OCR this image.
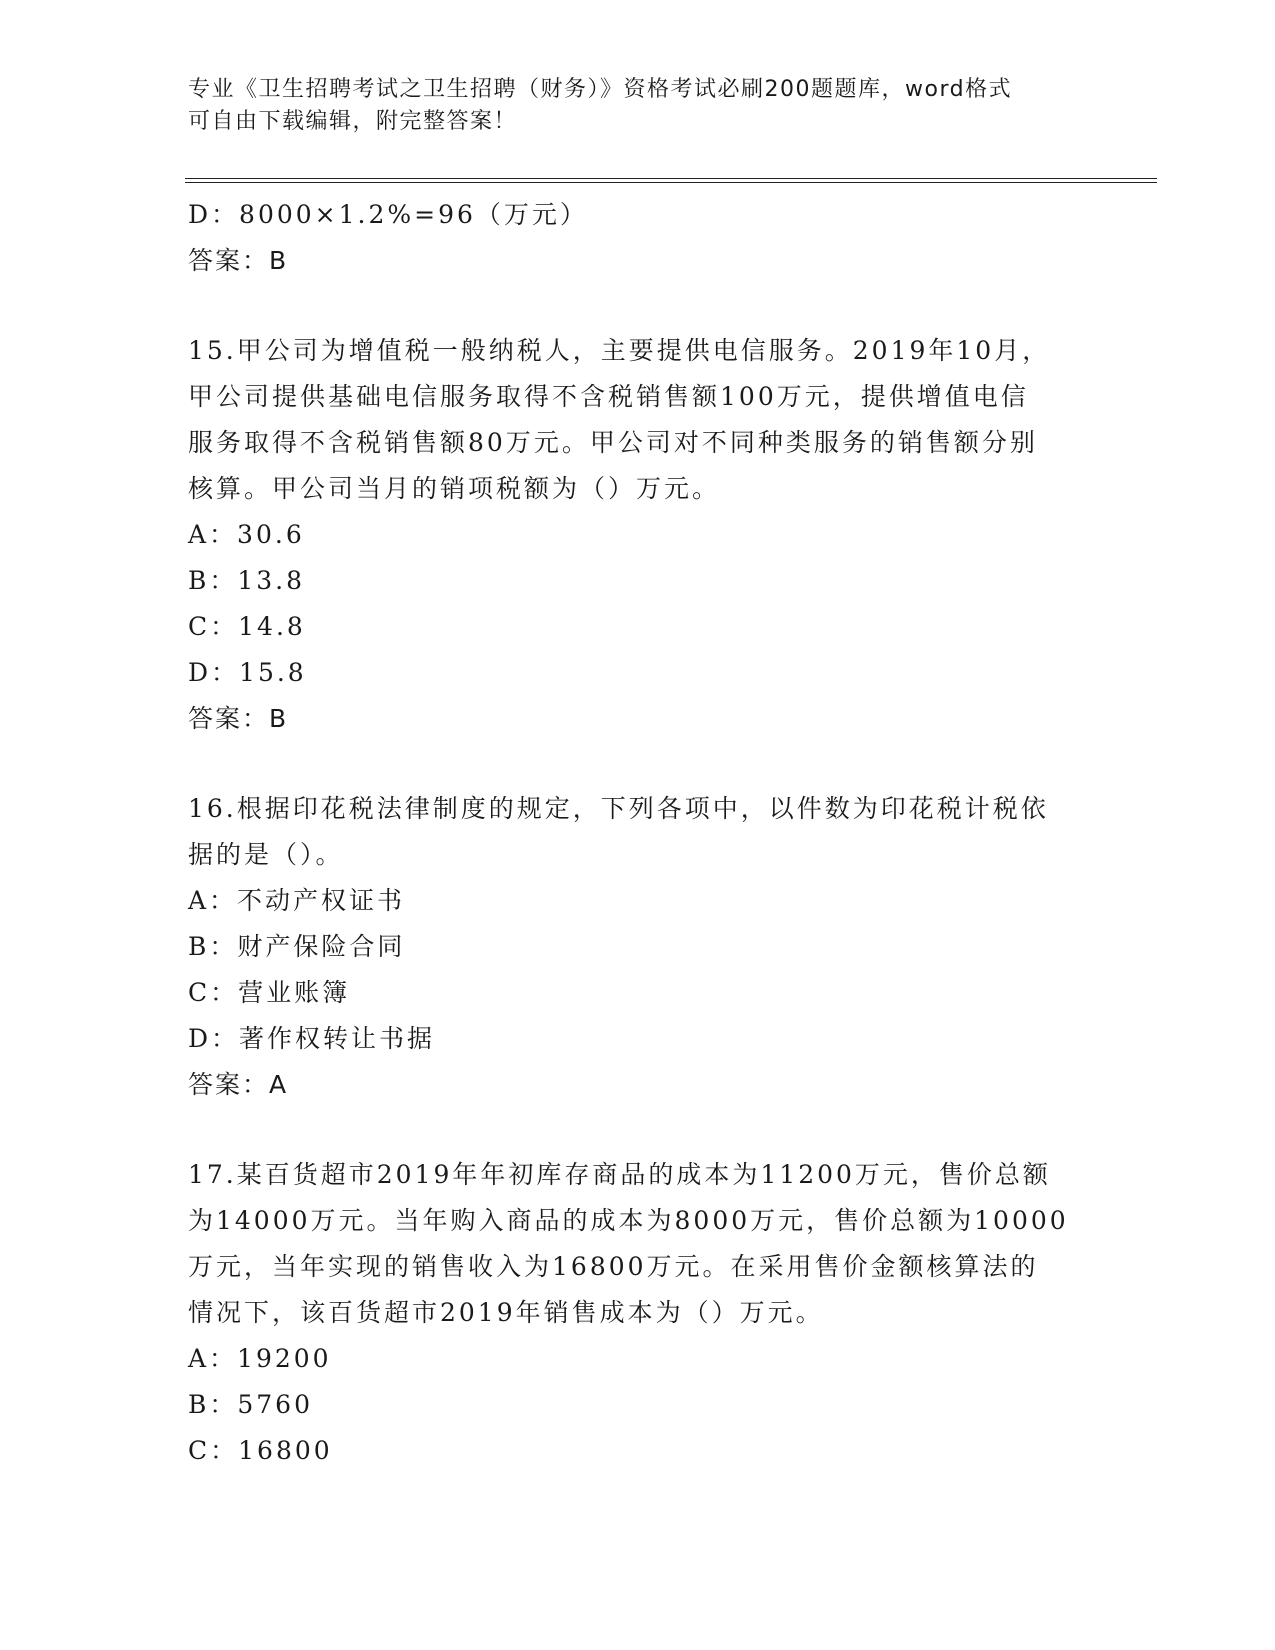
专业《卫生招聘考试之卫生招聘（财务）》资格考试必刷200题题库，word格式
可自由下载编辑，附完整答案！
D：8000×1.2%=96（万元）
答案：B
15.甲公司为增值税一般纳税人，主要提供电信服务。2019年10月，
甲公司提供基础电信服务取得不含税销售额100万元，提供增值电信
服务取得不含税销售额80万元。甲公司对不同种类服务的销售额分别
核算。甲公司当月的销项税额为（）万元。
A：30.6
B：13.8
C：14.8
D：15.8
答案：B
16.根据印花税法律制度的规定，下列各项中，以件数为印花税计税依
据的是（）。
A：不动产权证书
B：财产保险合同
C：营业账簿
D：著作权转让书据
答案：A
17.某百货超市2019年年初库存商品的成本为11200万元，售价总额
为14000万元。当年购入商品的成本为8000万元，售价总额为10000
万元，当年实现的销售收入为16800万元。在采用售价金额核算法的
情况下，该百货超市2019年销售成本为（）万元。
A：19200
B：5760
C：16800
